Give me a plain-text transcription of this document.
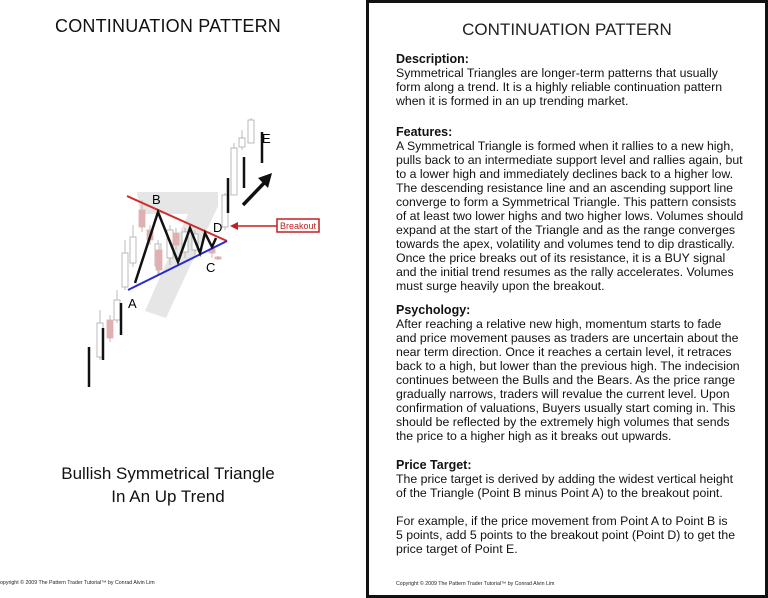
CONTINUATION PATTERN
Breakout
A
B
C
D
E
Bullish Symmetrical Triangle
In An Up Trend
opyright © 2009 The Pattern Trader Tutorial™ by Conrad Alvin Lim
CONTINUATION PATTERN
Description:
Symmetrical Triangles are longer-term patterns that usually
form along a trend. It is a highly reliable continuation pattern
when it is formed in an up trending market.
Features:
A Symmetrical Triangle is formed when it rallies to a new high,
pulls back to an intermediate support level and rallies again, but
to a lower high and immediately declines back to a higher low.
The descending resistance line and an ascending support line
converge to form a Symmetrical Triangle. This pattern consists
of at least two lower highs and two higher lows. Volumes should
expand at the start of the Triangle and as the range converges
towards the apex, volatility and volumes tend to dip drastically.
Once the price breaks out of its resistance, it is a BUY signal
and the initial trend resumes as the rally accelerates. Volumes
must surge heavily upon the breakout.
Psychology:
After reaching a relative new high, momentum starts to fade
and price movement pauses as traders are uncertain about the
near term direction. Once it reaches a certain level, it retraces
back to a high, but lower than the previous high. The indecision
continues between the Bulls and the Bears. As the price range
gradually narrows, traders will revalue the current level. Upon
confirmation of valuations, Buyers usually start coming in. This
should be reflected by the extremely high volumes that sends
the price to a higher high as it breaks out upwards.
Price Target:
The price target is derived by adding the widest vertical height
of the Triangle (Point B minus Point A) to the breakout point.
For example, if the price movement from Point A to Point B is
5 points, add 5 points to the breakout point (Point D) to get the
price target of Point E.
Copyright © 2009 The Pattern Trader Tutorial™ by Conrad Alvin Lim
